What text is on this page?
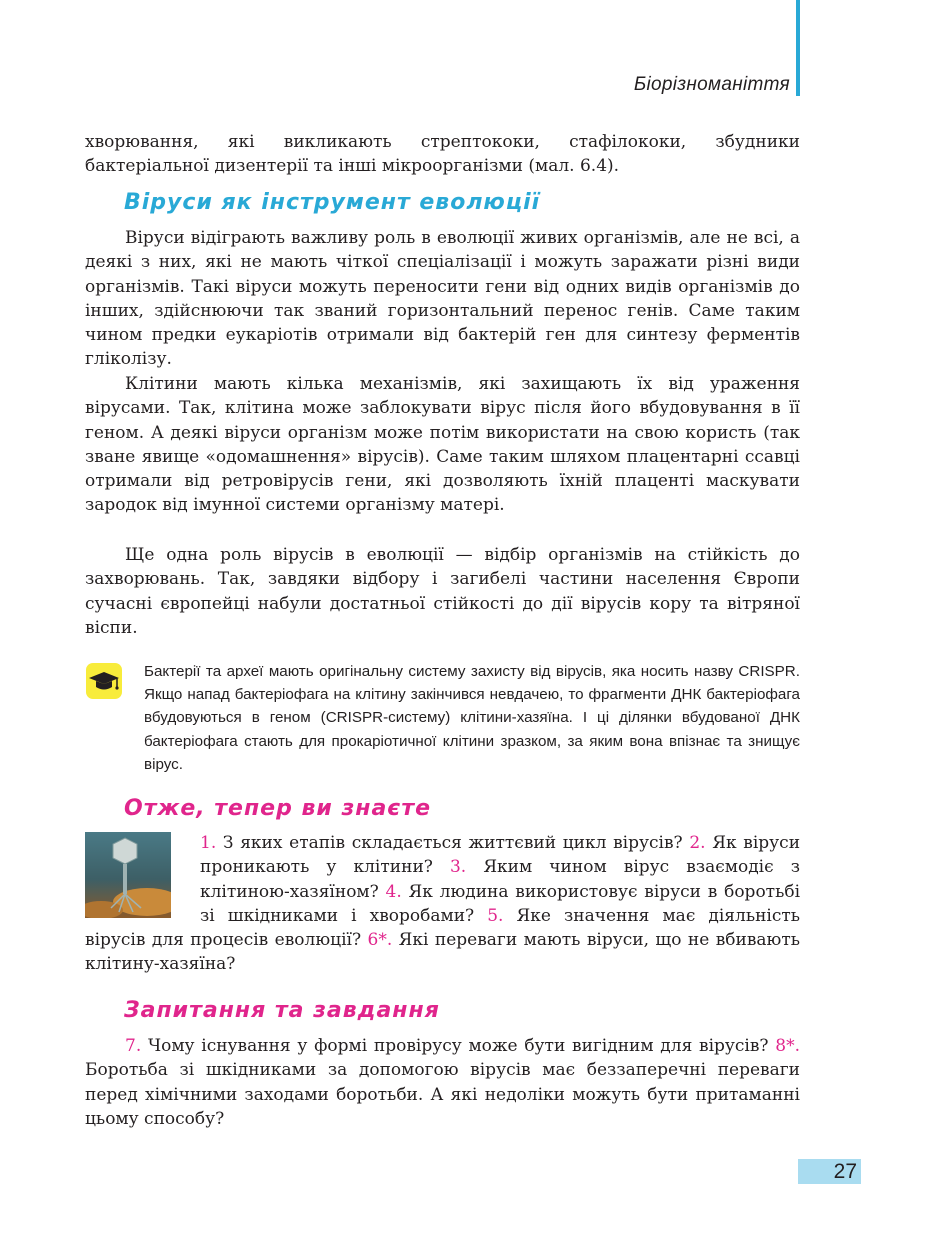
Біорізноманіття

хворювання, які викликають стрептококи, стафілококи, збудники бактеріальної дизентерії та інші мікроорганізми (мал. 6.4).

Віруси як інструмент еволюції

Віруси відіграють важливу роль в еволюції живих організмів, але не всі, а деякі з них, які не мають чіткої спеціалізації і можуть заражати різні види організмів. Такі віруси можуть переносити гени від одних видів організмів до інших, здійснюючи так званий горизонтальний перенос генів. Саме таким чином предки еукаріотів отримали від бактерій ген для синтезу ферментів гліколізу.

Клітини мають кілька механізмів, які захищають їх від ураження вірусами. Так, клітина може заблокувати вірус після його вбудовування в її геном. А деякі віруси організм може потім використати на свою користь (так зване явище «одомашнення» вірусів). Саме таким шляхом плацентарні ссавці отримали від ретровірусів гени, які дозволяють їхній плаценті маскувати зародок від імунної системи організму матері.

Ще одна роль вірусів в еволюції — відбір організмів на стійкість до захворювань. Так, завдяки відбору і загибелі частини населення Європи сучасні європейці набули достатньої стійкості до дії вірусів кору та вітряної віспи.

Бактерії та археї мають оригінальну систему захисту від вірусів, яка носить назву CRISPR. Якщо напад бактеріофага на клітину закінчився невдачею, то фрагменти ДНК бактеріофага вбудовуються в геном (CRISPR-систему) клітини-хазяїна. І ці ділянки вбудованої ДНК бактеріофага стають для прокаріотичної клітини зразком, за яким вона впізнає та знищує вірус.

Отже, тепер ви знаєте

1. З яких етапів складається життєвий цикл вірусів? 2. Як віруси проникають у клітини? 3. Яким чином вірус взаємодіє з клітиною-хазяїном? 4. Як людина використовує віруси в боротьбі зі шкідниками і хворобами? 5. Яке значення має діяльність вірусів для процесів еволюції? 6*. Які переваги мають віруси, що не вбивають клітину-хазяїна?

Запитання та завдання

7. Чому існування у формі провірусу може бути вигідним для вірусів? 8*. Боротьба зі шкідниками за допомогою вірусів має беззаперечні переваги перед хімічними заходами боротьби. А які недоліки можуть бути притаманні цьому способу?

27
